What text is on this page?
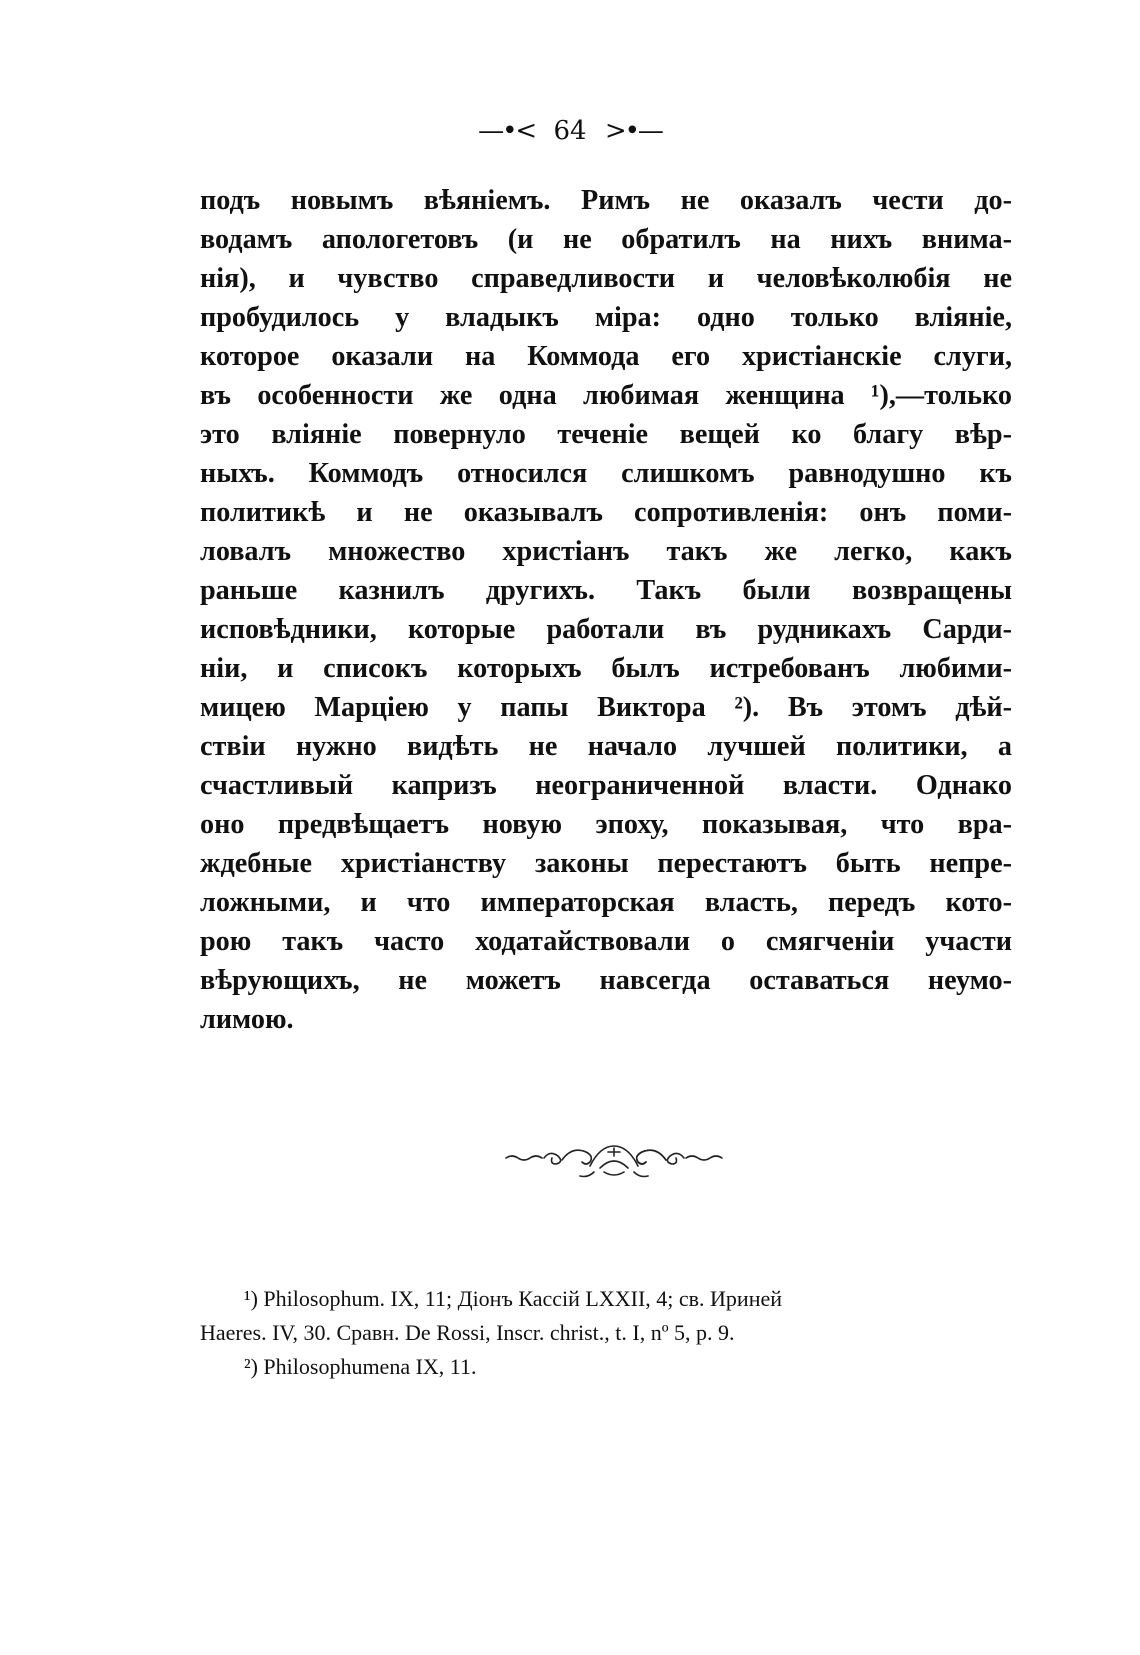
—•< 64 >•—
подъ новымъ вѣяніемъ. Римъ не оказалъ чести до-
водамъ апологетовъ (и не обратилъ на нихъ внима-
нія), и чувство справедливости и человѣколюбія не
пробудилось у владыкъ міра: одно только вліяніе,
которое оказали на Коммода его христіанскіе слуги,
въ особенности же одна любимая женщина ¹),—только
это вліяніе повернуло теченіе вещей ко благу вѣр-
ныхъ. Коммодъ относился слишкомъ равнодушно къ
политикѣ и не оказывалъ сопротивленія: онъ поми-
ловалъ множество христіанъ такъ же легко, какъ
раньше казнилъ другихъ. Такъ были возвращены
исповѣдники, которые работали въ рудникахъ Сарди-
ніи, и списокъ которыхъ былъ истребованъ любими-
мицею Марціею у папы Виктора ²). Въ этомъ дѣй-
ствіи нужно видѣть не начало лучшей политики, а
счастливый капризъ неограниченной власти. Однако
оно предвѣщаетъ новую эпоху, показывая, что вра-
ждебные христіанству законы перестаютъ быть непре-
ложными, и что императорская власть, передъ кото-
рою такъ часто ходатайствовали о смягченіи участи
вѣрующихъ, не можетъ навсегда оставаться неумо-
лимою.
¹) Philosophum. IX, 11; Діонъ Кассій LXXII, 4; св. Ириней
Haeres. IV, 30. Сравн. De Rossi, Inscr. christ., t. I, nº 5, p. 9.
²) Philosophumena IX, 11.
